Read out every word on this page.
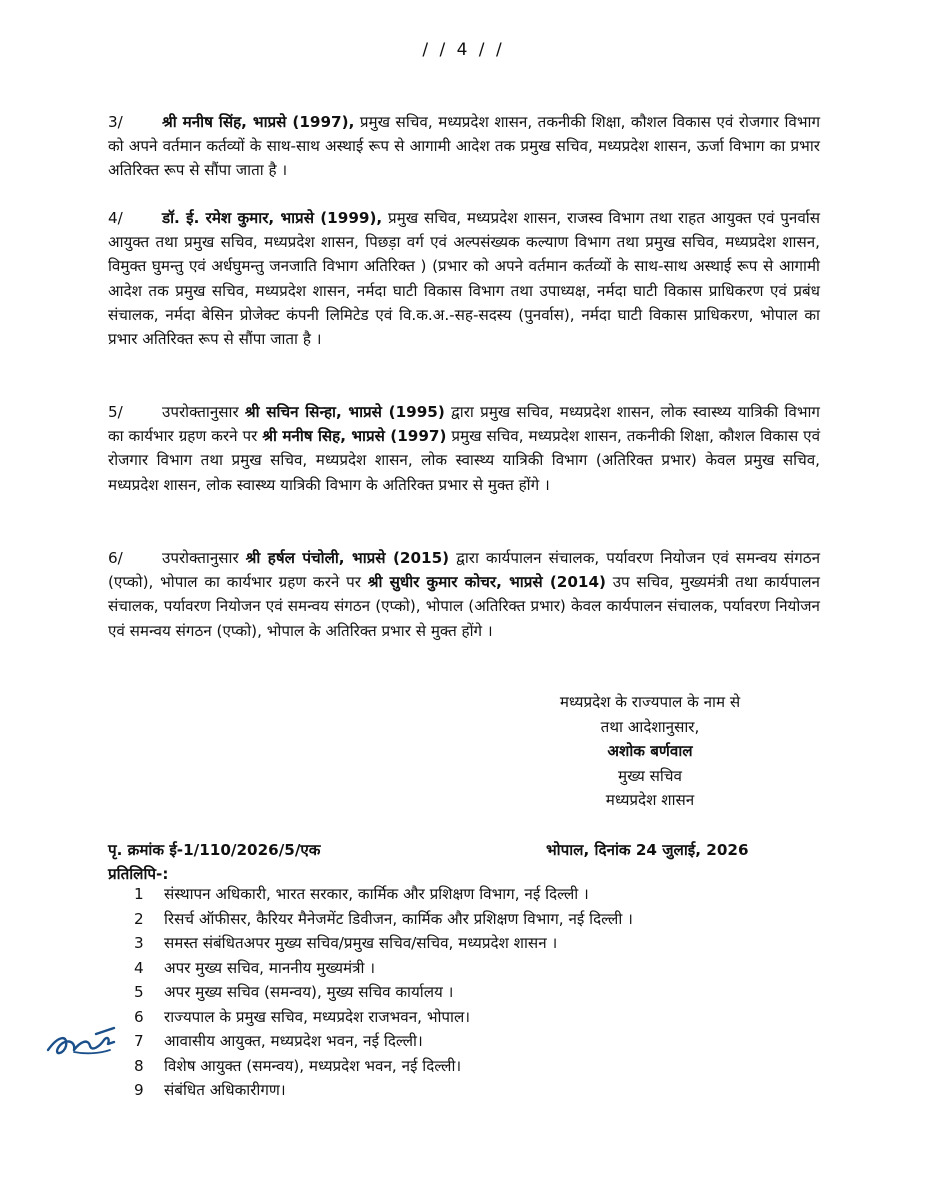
/ / 4 / /
3/	श्री मनीष सिंह, भाप्रसे (1997), प्रमुख सचिव, मध्यप्रदेश शासन, तकनीकी शिक्षा, कौशल विकास एवं रोजगार विभाग को अपने वर्तमान कर्तव्यों के साथ-साथ अस्थाई रूप से आगामी आदेश तक प्रमुख सचिव, मध्यप्रदेश शासन, ऊर्जा विभाग का प्रभार अतिरिक्त रूप से सौंपा जाता है ।
4/	डॉ. ई. रमेश कुमार, भाप्रसे (1999), प्रमुख सचिव, मध्यप्रदेश शासन, राजस्व विभाग तथा राहत आयुक्त एवं पुनर्वास आयुक्त तथा प्रमुख सचिव, मध्यप्रदेश शासन, पिछड़ा वर्ग एवं अल्पसंख्यक कल्याण विभाग तथा प्रमुख सचिव, मध्यप्रदेश शासन, विमुक्त घुमन्तु एवं अर्धघुमन्तु जनजाति विभाग अतिरिक्त ) (प्रभार को अपने वर्तमान कर्तव्यों के साथ-साथ अस्थाई रूप से आगामी आदेश तक प्रमुख सचिव, मध्यप्रदेश शासन, नर्मदा घाटी विकास विभाग तथा उपाध्यक्ष, नर्मदा घाटी विकास प्राधिकरण एवं प्रबंध संचालक, नर्मदा बेसिन प्रोजेक्ट कंपनी लिमिटेड एवं वि.क.अ.-सह-सदस्य (पुनर्वास), नर्मदा घाटी विकास प्राधिकरण, भोपाल का प्रभार अतिरिक्त रूप से सौंपा जाता है ।
5/	उपरोक्तानुसार श्री सचिन सिन्हा, भाप्रसे (1995) द्वारा प्रमुख सचिव, मध्यप्रदेश शासन, लोक स्वास्थ्य यात्रिकी विभाग का कार्यभार ग्रहण करने पर श्री मनीष सिह, भाप्रसे (1997) प्रमुख सचिव, मध्यप्रदेश शासन, तकनीकी शिक्षा, कौशल विकास एवं रोजगार विभाग तथा प्रमुख सचिव, मध्यप्रदेश शासन, लोक स्वास्थ्य यात्रिकी विभाग (अतिरिक्त प्रभार) केवल प्रमुख सचिव, मध्यप्रदेश शासन, लोक स्वास्थ्य यात्रिकी विभाग के अतिरिक्त प्रभार से मुक्त होंगे ।
6/	उपरोक्तानुसार श्री हर्षल पंचोली, भाप्रसे (2015) द्वारा कार्यपालन संचालक, पर्यावरण नियोजन एवं समन्वय संगठन (एप्को), भोपाल का कार्यभार ग्रहण करने पर श्री सुधीर कुमार कोचर, भाप्रसे (2014) उप सचिव, मुख्यमंत्री तथा कार्यपालन संचालक, पर्यावरण नियोजन एवं समन्वय संगठन (एप्को), भोपाल (अतिरिक्त प्रभार) केवल कार्यपालन संचालक, पर्यावरण नियोजन एवं समन्वय संगठन (एप्को), भोपाल के अतिरिक्त प्रभार से मुक्त होंगे ।
मध्यप्रदेश के राज्यपाल के नाम से
तथा आदेशानुसार,
अशोक बर्णवाल
मुख्य सचिव
मध्यप्रदेश शासन
पृ. क्रमांक ई-1/110/2026/5/एक	भोपाल, दिनांक 24 जुलाई, 2026
प्रतिलिपि-:
1 संस्थापन अधिकारी, भारत सरकार, कार्मिक और प्रशिक्षण विभाग, नई दिल्ली ।
2 रिसर्च ऑफीसर, कैरियर मैनेजमेंट डिवीजन, कार्मिक और प्रशिक्षण विभाग, नई दिल्ली ।
3 समस्त संबंधितअपर मुख्य सचिव/प्रमुख सचिव/सचिव, मध्यप्रदेश शासन ।
4 अपर मुख्य सचिव, माननीय मुख्यमंत्री ।
5 अपर मुख्य सचिव (समन्वय), मुख्य सचिव कार्यालय ।
6 राज्यपाल के प्रमुख सचिव, मध्यप्रदेश राजभवन, भोपाल।
7 आवासीय आयुक्त, मध्यप्रदेश भवन, नई दिल्ली।
8 विशेष आयुक्त (समन्वय), मध्यप्रदेश भवन, नई दिल्ली।
9 संबंधित अधिकारीगण।
